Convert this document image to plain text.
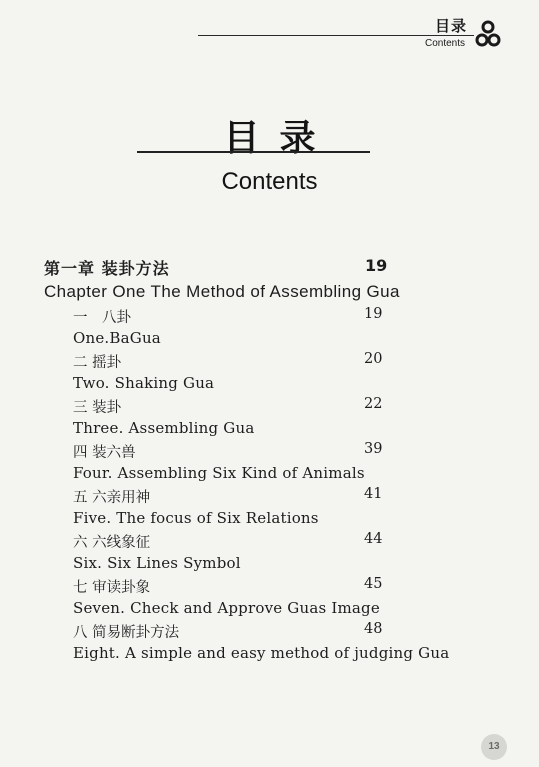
目录
Contents
目录
Contents
第一章 装卦方法	19
Chapter One The Method of Assembling Gua
一　八卦	19
One.BaGua
二 摇卦	20
Two. Shaking Gua
三 装卦	22
Three. Assembling Gua
四 装六兽	39
Four. Assembling Six Kind of Animals
五 六亲用神	41
Five. The focus of Six Relations
六 六线象征	44
Six. Six Lines Symbol
七 审读卦象	45
Seven. Check and Approve Guas Image
八 简易断卦方法	48
Eight. A simple and easy method of judging Gua
13
